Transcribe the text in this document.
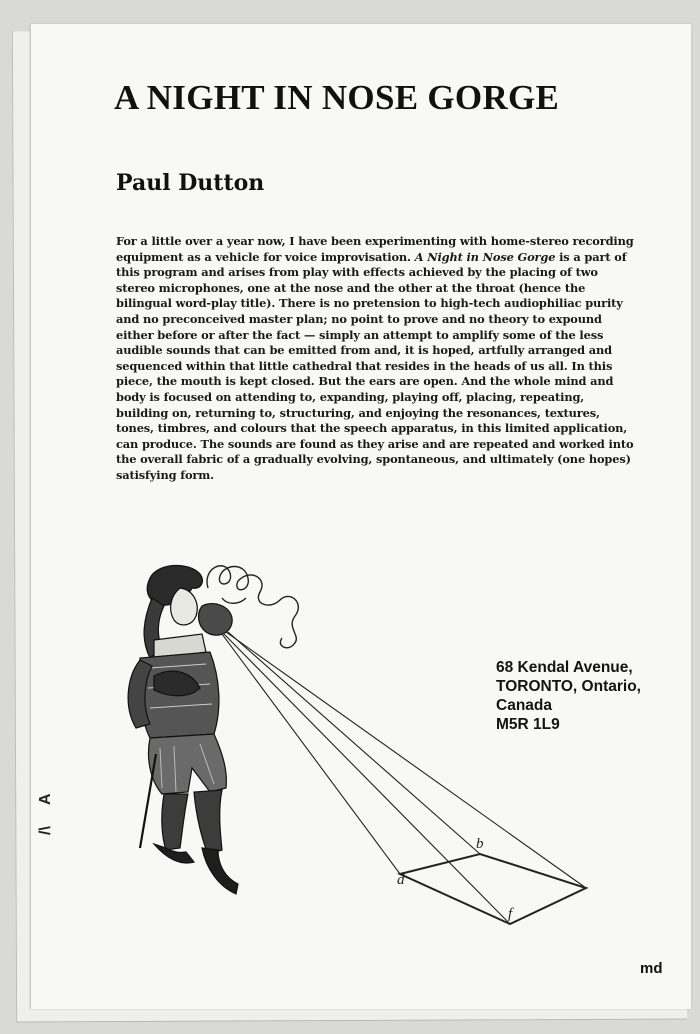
A NIGHT IN NOSE GORGE
Paul Dutton

For a little over a year now, I have been experimenting with home-stereo recording equipment as a vehicle for voice improvisation. A Night in Nose Gorge is a part of this program and arises from play with effects achieved by the placing of two stereo microphones, one at the nose and the other at the throat (hence the bilingual word-play title). There is no pretension to high-tech audiophiliac purity and no preconceived master plan; no point to prove and no theory to expound either before or after the fact — simply an attempt to amplify some of the less audible sounds that can be emitted from and, it is hoped, artfully arranged and sequenced within that little cathedral that resides in the heads of us all. In this piece, the mouth is kept closed. But the ears are open. And the whole mind and body is focused on attending to, expanding, playing off, placing, repeating, building on, returning to, structuring, and enjoying the resonances, textures, tones, timbres, and colours that the speech apparatus, in this limited application, can produce. The sounds are found as they arise and are repeated and worked into the overall fabric of a gradually evolving, spontaneous, and ultimately (one hopes) satisfying form.

b
d
f
68 Kendal Avenue,
TORONTO, Ontario,
Canada
M5R 1L9
A
/\
md
